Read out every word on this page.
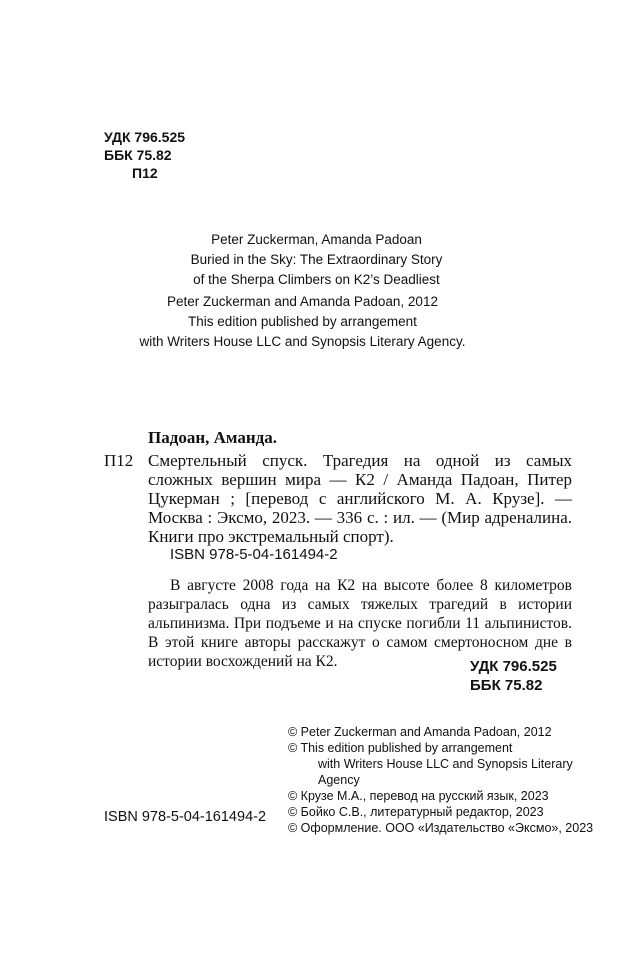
УДК 796.525
ББК 75.82
П12
Peter Zuckerman, Amanda Padoan
Buried in the Sky: The Extraordinary Story
of the Sherpa Climbers on K2’s Deadliest
Peter Zuckerman and Amanda Padoan, 2012
This edition published by arrangement
with Writers House LLC and Synopsis Literary Agency.
Падоан, Аманда.
П12 Смертельный спуск. Трагедия на одной из самых сложных вершин мира — К2 / Аманда Падоан, Питер Цукерман ; [перевод с английского М. А. Крузе]. — Москва : Эксмо, 2023. — 336 с. : ил. — (Мир адреналина. Книги про экстремальный спорт).
ISBN 978-5-04-161494-2
В августе 2008 года на К2 на высоте более 8 километров разыгралась одна из самых тяжелых трагедий в истории альпинизма. При подъеме и на спуске погибли 11 альпинистов. В этой книге авторы расскажут о самом смертоносном дне в истории восхождений на К2.	УДК 796.525
ББК 75.82
© Peter Zuckerman and Amanda Padoan, 2012
© This edition published by arrangement
with Writers House LLC and Synopsis Literary
Agency
© Крузе М.А., перевод на русский язык, 2023
© Бойко С.В., литературный редактор, 2023
© Оформление. ООО «Издательство «Эксмо», 2023
ISBN 978-5-04-161494-2
